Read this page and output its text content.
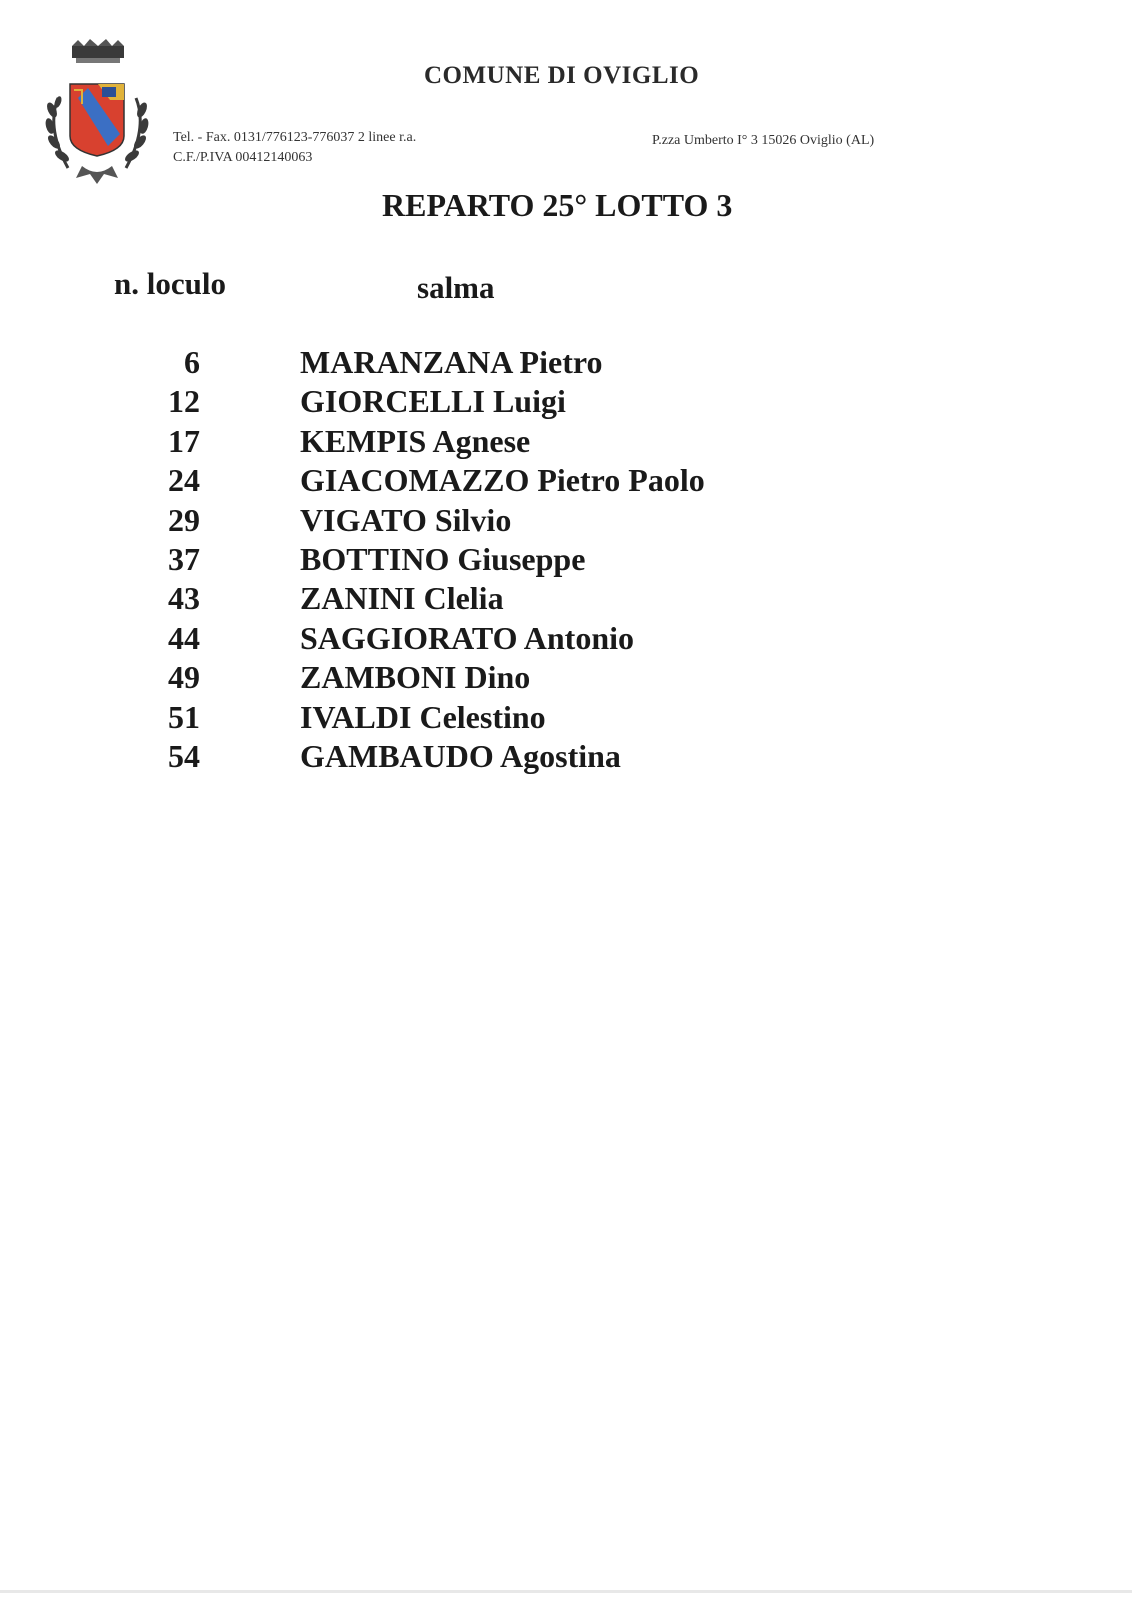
COMUNE DI OVIGLIO
Tel. - Fax. 0131/776123-776037 2 linee r.a.
C.F./P.IVA 00412140063
P.zza Umberto I° 3 15026 Oviglio (AL)
REPARTO 25° LOTTO 3
n. loculo	salma
6	MARANZANA Pietro
12	GIORCELLI Luigi
17	KEMPIS Agnese
24	GIACOMAZZO Pietro Paolo
29	VIGATO Silvio
37	BOTTINO Giuseppe
43	ZANINI Clelia
44	SAGGIORATO Antonio
49	ZAMBONI Dino
51	IVALDI Celestino
54	GAMBAUDO Agostina
